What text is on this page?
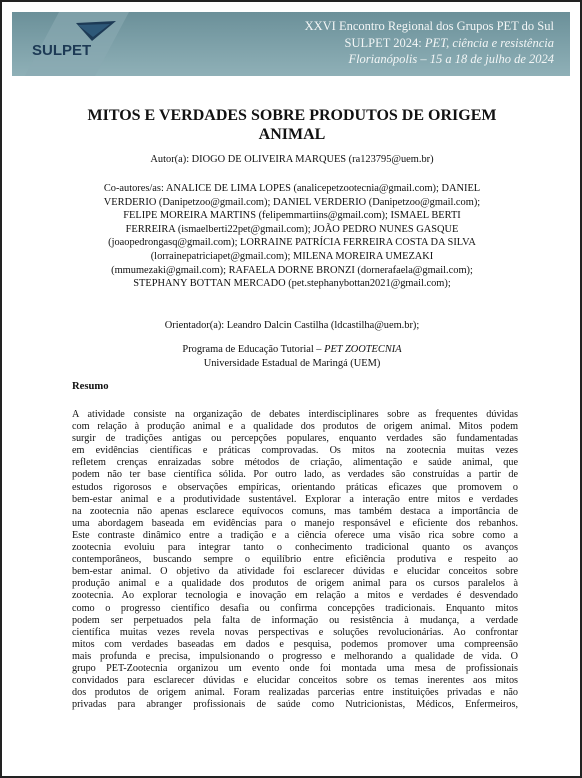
SULPET
XXVI Encontro Regional dos Grupos PET do Sul
SULPET 2024: PET, ciência e resistência
Florianópolis – 15 a 18 de julho de 2024
MITOS E VERDADES SOBRE PRODUTOS DE ORIGEM
ANIMAL
Autor(a): DIOGO DE OLIVEIRA MARQUES (ra123795@uem.br)
Co-autores/as: ANALICE DE LIMA LOPES (analicepetzootecnia@gmail.com); DANIEL
VERDERIO (Danipetzoo@gmail.com); DANIEL VERDERIO (Danipetzoo@gmail.com);
FELIPE MOREIRA MARTINS (felipemmartiins@gmail.com); ISMAEL BERTI
FERREIRA (ismaelberti22pet@gmail.com); JOÃO PEDRO NUNES GASQUE
(joaopedrongasq@gmail.com); LORRAINE PATRÍCIA FERREIRA COSTA DA SILVA
(lorrainepatriciapet@gmail.com); MILENA MOREIRA UMEZAKI
(mmumezaki@gmail.com); RAFAELA DORNE BRONZI (dornerafaela@gmail.com);
STEPHANY BOTTAN MERCADO (pet.stephanybottan2021@gmail.com);
Orientador(a): Leandro Dalcin Castilha (ldcastilha@uem.br);
Programa de Educação Tutorial – PET ZOOTECNIA
Universidade Estadual de Maringá (UEM)
Resumo
A atividade consiste na organização de debates interdisciplinares sobre as frequentes dúvidas
com relação à produção animal e a qualidade dos produtos de origem animal. Mitos podem
surgir de tradições antigas ou percepções populares, enquanto verdades são fundamentadas
em evidências científicas e práticas comprovadas. Os mitos na zootecnia muitas vezes
refletem crenças enraizadas sobre métodos de criação, alimentação e saúde animal, que
podem não ter base científica sólida. Por outro lado, as verdades são construídas a partir de
estudos rigorosos e observações empíricas, orientando práticas eficazes que promovem o
bem-estar animal e a produtividade sustentável. Explorar a interação entre mitos e verdades
na zootecnia não apenas esclarece equívocos comuns, mas também destaca a importância de
uma abordagem baseada em evidências para o manejo responsável e eficiente dos rebanhos.
Este contraste dinâmico entre a tradição e a ciência oferece uma visão rica sobre como a
zootecnia evoluiu para integrar tanto o conhecimento tradicional quanto os avanços
contemporâneos, buscando sempre o equilíbrio entre eficiência produtiva e respeito ao
bem-estar animal. O objetivo da atividade foi esclarecer dúvidas e elucidar conceitos sobre
produção animal e a qualidade dos produtos de origem animal para os cursos paralelos à
zootecnia. Ao explorar tecnologia e inovação em relação a mitos e verdades é desvendado
como o progresso científico desafia ou confirma concepções tradicionais. Enquanto mitos
podem ser perpetuados pela falta de informação ou resistência à mudança, a verdade
científica muitas vezes revela novas perspectivas e soluções revolucionárias. Ao confrontar
mitos com verdades baseadas em dados e pesquisa, podemos promover uma compreensão
mais profunda e precisa, impulsionando o progresso e melhorando a qualidade de vida. O
grupo PET-Zootecnia organizou um evento onde foi montada uma mesa de profissionais
convidados para esclarecer dúvidas e elucidar conceitos sobre os temas inerentes aos mitos
dos produtos de origem animal. Foram realizadas parcerias entre instituições privadas e não
privadas para abranger profissionais de saúde como Nutricionistas, Médicos, Enfermeiros,
